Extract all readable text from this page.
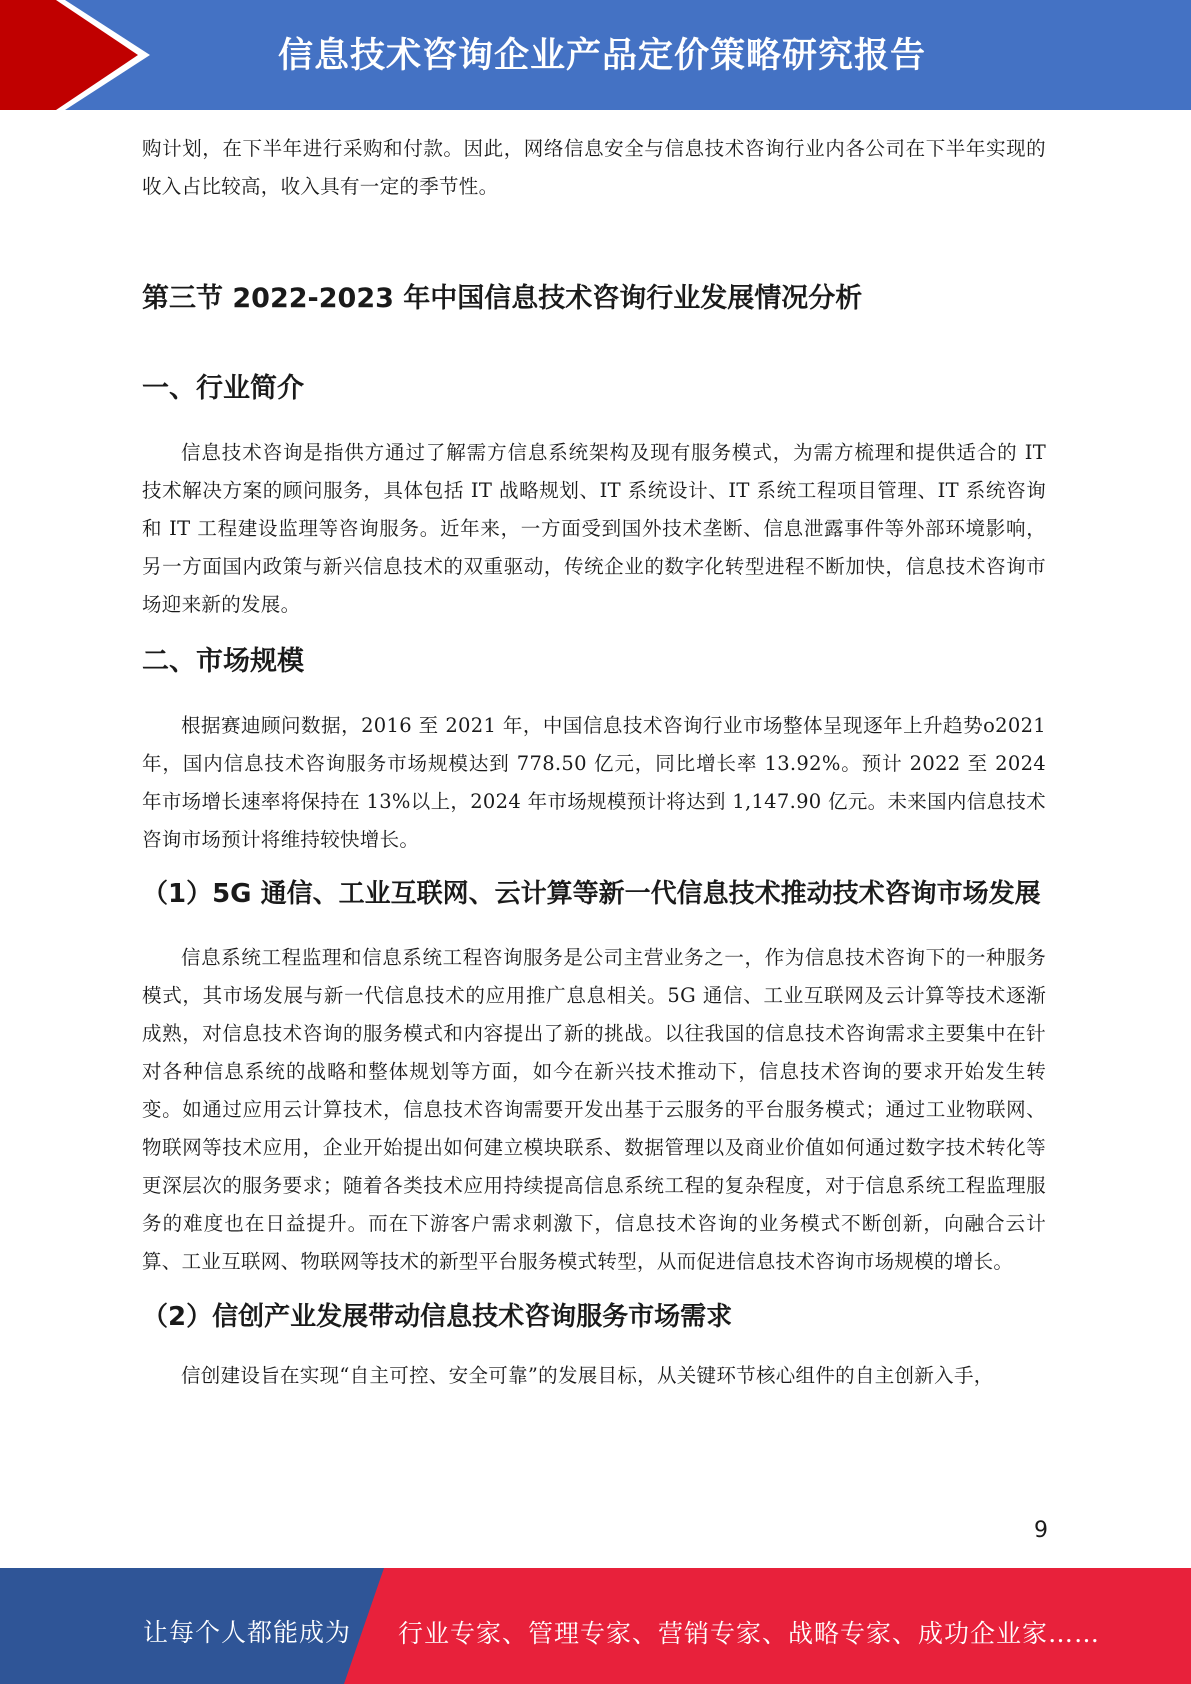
信息技术咨询企业产品定价策略研究报告

购计划，在下半年进行采购和付款。因此，网络信息安全与信息技术咨询行业内各公司在下半年实现的收入占比较高，收入具有一定的季节性。

第三节 2022-2023 年中国信息技术咨询行业发展情况分析
一、行业简介

信息技术咨询是指供方通过了解需方信息系统架构及现有服务模式，为需方梳理和提供适合的 IT 技术解决方案的顾问服务，具体包括 IT 战略规划、IT 系统设计、IT 系统工程项目管理、IT 系统咨询和 IT 工程建设监理等咨询服务。近年来，一方面受到国外技术垄断、信息泄露事件等外部环境影响，另一方面国内政策与新兴信息技术的双重驱动，传统企业的数字化转型进程不断加快，信息技术咨询市场迎来新的发展。

二、市场规模

根据赛迪顾问数据，2016 至 2021 年，中国信息技术咨询行业市场整体呈现逐年上升趋势o2021 年，国内信息技术咨询服务市场规模达到 778.50 亿元，同比增长率 13.92%。预计 2022 至 2024 年市场增长速率将保持在 13%以上，2024 年市场规模预计将达到 1,147.90 亿元。未来国内信息技术咨询市场预计将维持较快增长。

（1）5G 通信、工业互联网、云计算等新一代信息技术推动技术咨询市场发展

信息系统工程监理和信息系统工程咨询服务是公司主营业务之一，作为信息技术咨询下的一种服务模式，其市场发展与新一代信息技术的应用推广息息相关。5G 通信、工业互联网及云计算等技术逐渐成熟，对信息技术咨询的服务模式和内容提出了新的挑战。以往我国的信息技术咨询需求主要集中在针对各种信息系统的战略和整体规划等方面，如今在新兴技术推动下，信息技术咨询的要求开始发生转变。如通过应用云计算技术，信息技术咨询需要开发出基于云服务的平台服务模式；通过工业物联网、物联网等技术应用，企业开始提出如何建立模块联系、数据管理以及商业价值如何通过数字技术转化等更深层次的服务要求；随着各类技术应用持续提高信息系统工程的复杂程度，对于信息系统工程监理服务的难度也在日益提升。而在下游客户需求刺激下，信息技术咨询的业务模式不断创新，向融合云计算、工业互联网、物联网等技术的新型平台服务模式转型，从而促进信息技术咨询市场规模的增长。

（2）信创产业发展带动信息技术咨询服务市场需求

信创建设旨在实现“自主可控、安全可靠”的发展目标，从关键环节核心组件的自主创新入手，

9
让每个人都能成为 行业专家、管理专家、营销专家、战略专家、成功企业家……
